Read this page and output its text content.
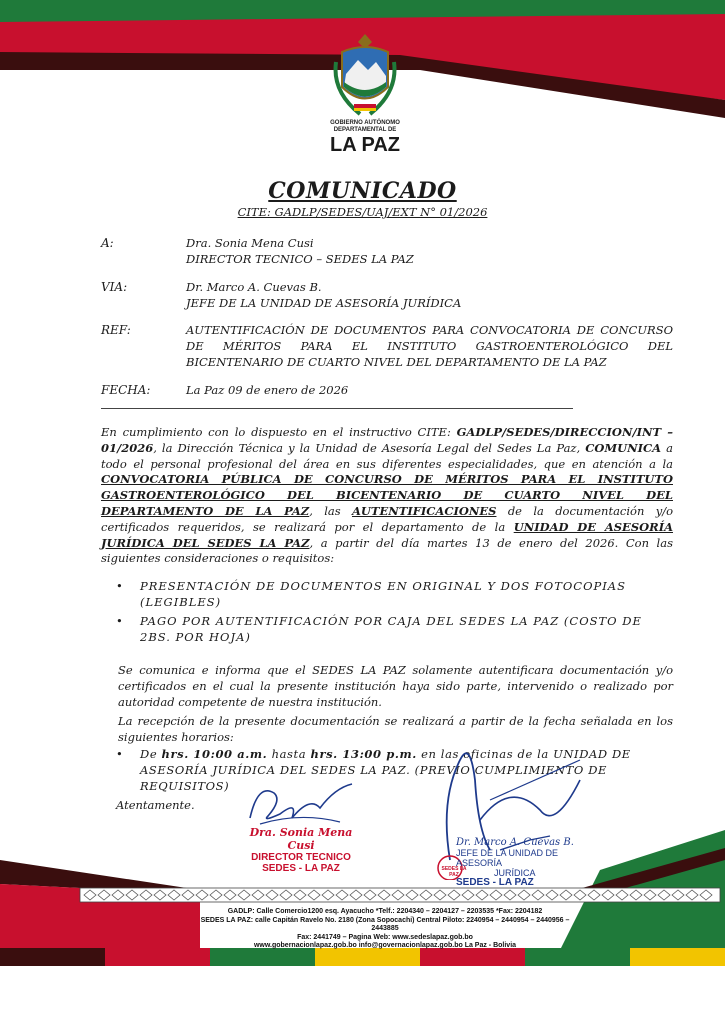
GOBIERNO AUTÓNOMO
DEPARTAMENTAL DE
LA PAZ
COMUNICADO
CITE: GADLP/SEDES/UAJ/EXT N° 01/2026
A:	Dra. Sonia Mena Cusi
DIRECTOR TECNICO – SEDES LA PAZ
VIA:	Dr. Marco A. Cuevas B.
JEFE DE LA UNIDAD DE ASESORÍA JURÍDICA
REF:	AUTENTIFICACIÓN DE DOCUMENTOS PARA CONVOCATORIA DE CONCURSO DE MÉRITOS PARA EL INSTITUTO GASTROENTEROLÓGICO DEL BICENTENARIO DE CUARTO NIVEL DEL DEPARTAMENTO DE LA PAZ
FECHA:	La Paz 09 de enero de 2026
En cumplimiento con lo dispuesto en el instructivo CITE: GADLP/SEDES/DIRECCION/INT – 01/2026, la Dirección Técnica y la Unidad de Asesoría Legal del Sedes La Paz, COMUNICA a todo el personal profesional del área en sus diferentes especialidades, que en atención a la CONVOCATORIA PÚBLICA DE CONCURSO DE MÉRITOS PARA EL INSTITUTO GASTROENTEROLÓGICO DEL BICENTENARIO DE CUARTO NIVEL DEL DEPARTAMENTO DE LA PAZ, las AUTENTIFICACIONES de la documentación y/o certificados requeridos, se realizará por el departamento de la UNIDAD DE ASESORÍA JURÍDICA DEL SEDES LA PAZ, a partir del día martes 13 de enero del 2026. Con las siguientes consideraciones o requisitos:
• PRESENTACIÓN DE DOCUMENTOS EN ORIGINAL Y DOS FOTOCOPIAS (LEGIBLES)
• PAGO POR AUTENTIFICACIÓN POR CAJA DEL SEDES LA PAZ (COSTO DE 2BS. POR HOJA)
Se comunica e informa que el SEDES LA PAZ solamente autentificara documentación y/o certificados en el cual la presente institución haya sido parte, intervenido o realizado por autoridad competente de nuestra institución.
La recepción de la presente documentación se realizará a partir de la fecha señalada en los siguientes horarios:
• De hrs. 10:00 a.m. hasta hrs. 13:00 p.m. en las oficinas de la UNIDAD DE ASESORÍA JURÍDICA DEL SEDES LA PAZ. (PREVIO CUMPLIMIENTO DE REQUISITOS)
Atentamente.
Dra. Sonia Mena Cusi
DIRECTOR TECNICO
SEDES - LA PAZ
Dr. Marco A. Cuevas B.
JEFE DE LA UNIDAD DE ASESORÍA
JURÍDICA
SEDES - LA PAZ
SEDES LA PAZ
GADLP: Calle Comercio1200 esq. Ayacucho *Telf.: 2204340 – 2204127 – 2203535 *Fax: 2204182
SEDES LA PAZ: calle Capitán Ravelo No. 2180 (Zona Sopocachi) Central Piloto: 2240954 – 2440954 – 2440956 – 2443885
Fax: 2441749 – Pagina Web: www.sedeslapaz.gob.bo
www.gobernacionlapaz.gob.bo info@governacionlapaz.gob.bo La Paz - Bolivia
